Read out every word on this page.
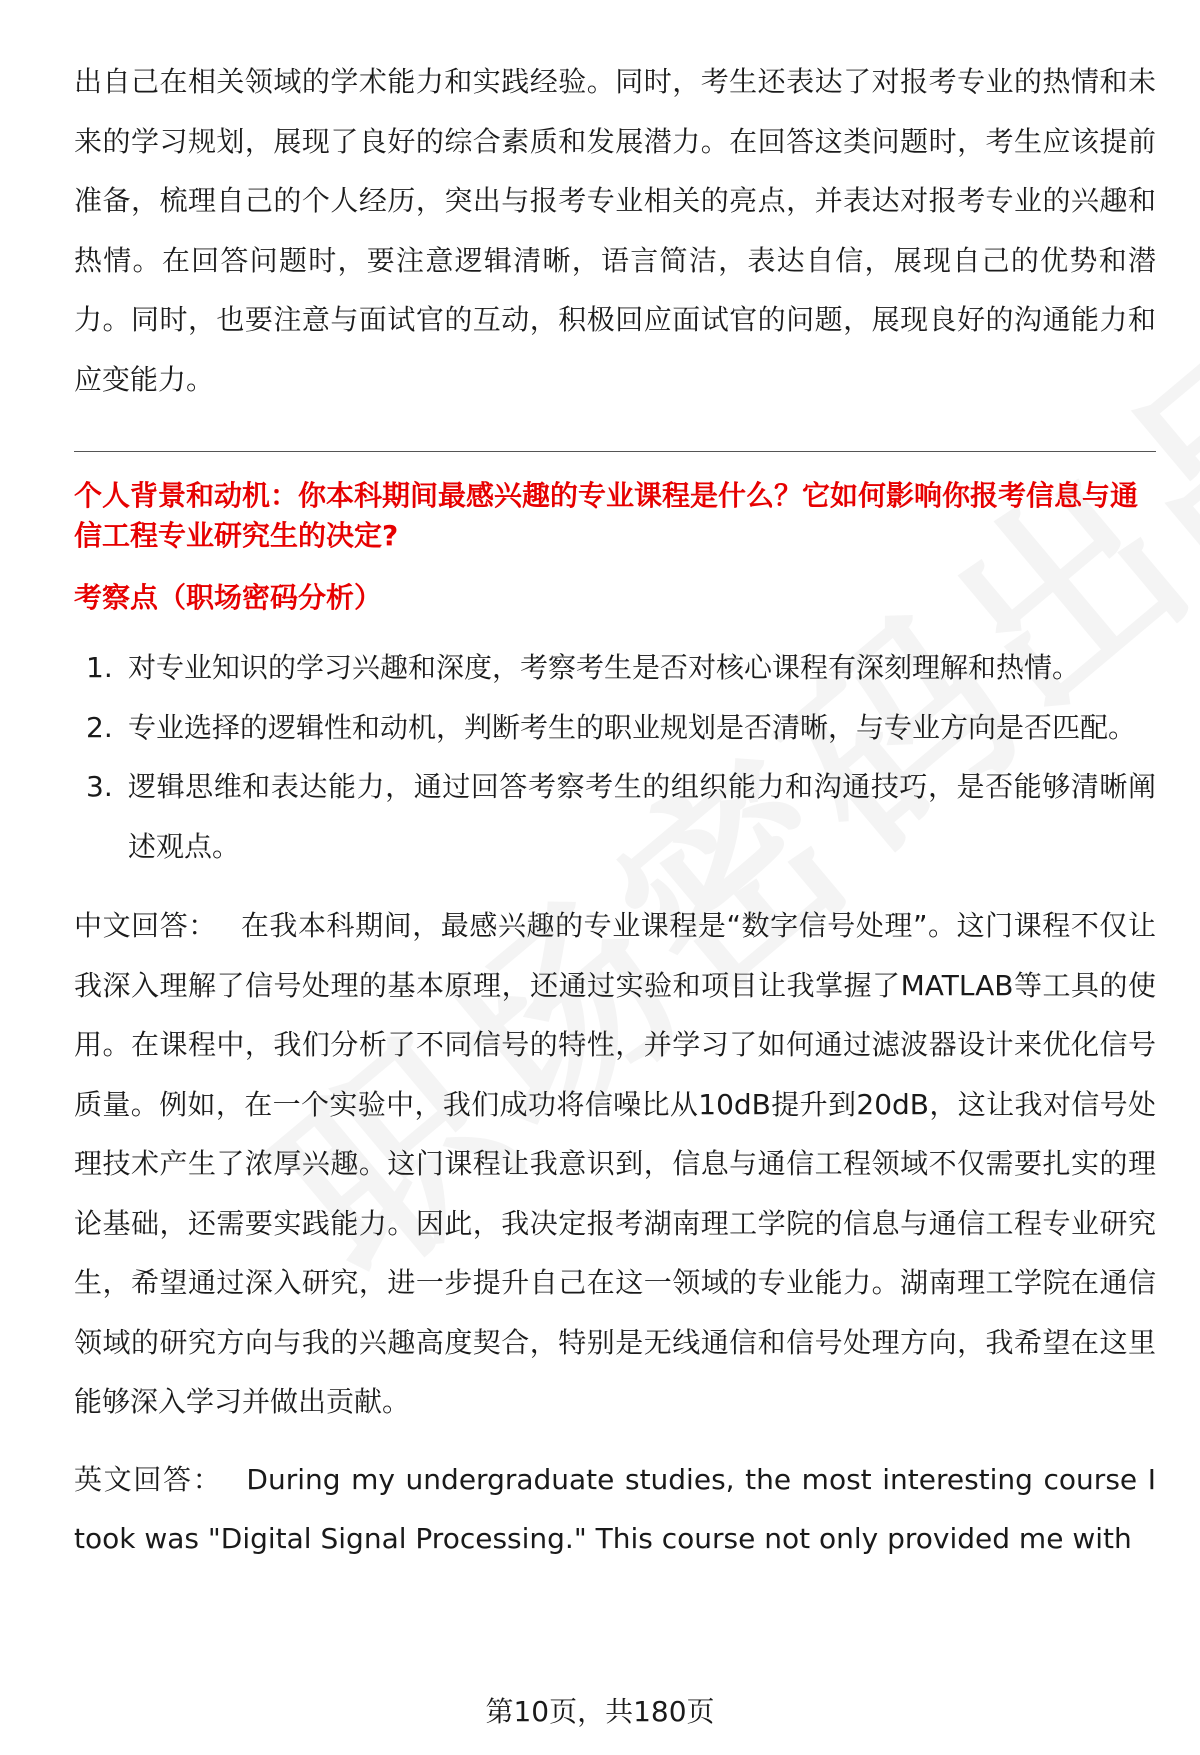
出自己在相关领域的学术能力和实践经验。同时，考生还表达了对报考专业的热情和未来的学习规划，展现了良好的综合素质和发展潜力。在回答这类问题时，考生应该提前准备，梳理自己的个人经历，突出与报考专业相关的亮点，并表达对报考专业的兴趣和热情。在回答问题时，要注意逻辑清晰，语言简洁，表达自信，展现自己的优势和潜力。同时，也要注意与面试官的互动，积极回应面试官的问题，展现良好的沟通能力和应变能力。

个人背景和动机：你本科期间最感兴趣的专业课程是什么？它如何影响你报考信息与通信工程专业研究生的决定?

考察点（职场密码分析）

1. 对专业知识的学习兴趣和深度，考察考生是否对核心课程有深刻理解和热情。
2. 专业选择的逻辑性和动机，判断考生的职业规划是否清晰，与专业方向是否匹配。
3. 逻辑思维和表达能力，通过回答考察考生的组织能力和沟通技巧，是否能够清晰阐述观点。

中文回答： 在我本科期间，最感兴趣的专业课程是“数字信号处理”。这门课程不仅让我深入理解了信号处理的基本原理，还通过实验和项目让我掌握了MATLAB等工具的使用。在课程中，我们分析了不同信号的特性，并学习了如何通过滤波器设计来优化信号质量。例如，在一个实验中，我们成功将信噪比从10dB提升到20dB，这让我对信号处理技术产生了浓厚兴趣。这门课程让我意识到，信息与通信工程领域不仅需要扎实的理论基础，还需要实践能力。因此，我决定报考湖南理工学院的信息与通信工程专业研究生，希望通过深入研究，进一步提升自己在这一领域的专业能力。湖南理工学院在通信领域的研究方向与我的兴趣高度契合，特别是无线通信和信号处理方向，我希望在这里能够深入学习并做出贡献。

英文回答： During my undergraduate studies, the most interesting course I took was "Digital Signal Processing." This course not only provided me with

第10页，共180页
